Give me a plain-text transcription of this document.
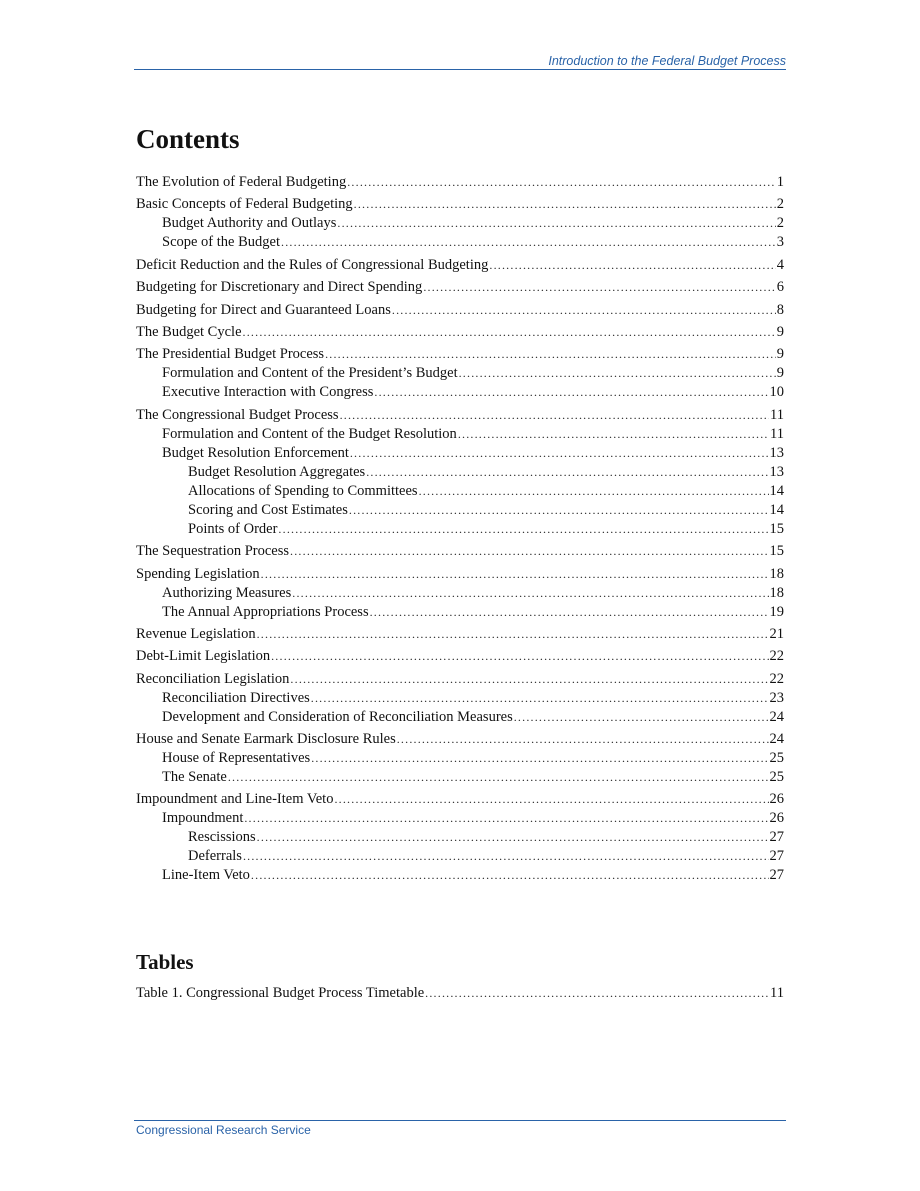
Introduction to the Federal Budget Process
Contents
The Evolution of Federal Budgeting .....	1
Basic Concepts of Federal Budgeting .....	2
Budget Authority and Outlays .....	2
Scope of the Budget .....	3
Deficit Reduction and the Rules of Congressional Budgeting .....	4
Budgeting for Discretionary and Direct Spending .....	6
Budgeting for Direct and Guaranteed Loans .....	8
The Budget Cycle .....	9
The Presidential Budget Process .....	9
Formulation and Content of the President’s Budget .....	9
Executive Interaction with Congress .....	10
The Congressional Budget Process .....	11
Formulation and Content of the Budget Resolution .....	11
Budget Resolution Enforcement .....	13
Budget Resolution Aggregates .....	13
Allocations of Spending to Committees .....	14
Scoring and Cost Estimates .....	14
Points of Order .....	15
The Sequestration Process .....	15
Spending Legislation .....	18
Authorizing Measures .....	18
The Annual Appropriations Process .....	19
Revenue Legislation .....	21
Debt-Limit Legislation .....	22
Reconciliation Legislation .....	22
Reconciliation Directives .....	23
Development and Consideration of Reconciliation Measures .....	24
House and Senate Earmark Disclosure Rules .....	24
House of Representatives .....	25
The Senate .....	25
Impoundment and Line-Item Veto .....	26
Impoundment .....	26
Rescissions .....	27
Deferrals .....	27
Line-Item Veto .....	27
Tables
Table 1. Congressional Budget Process Timetable .....	11
Congressional Research Service
